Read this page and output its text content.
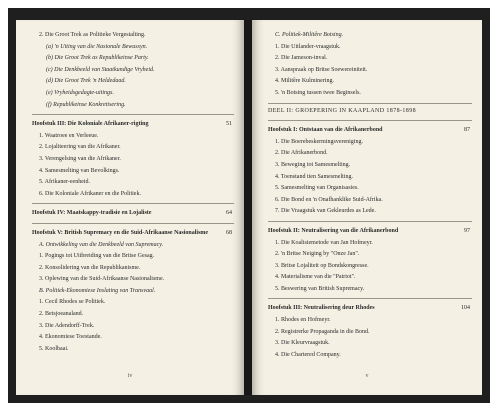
2. Die Groot Trek as Politieke Vergestalting.
(a) 'n Uiting van die Nasionale Bewussyn.
(b) Die Groot Trek as Republikeinse Party.
(c) Die Denkbeeld van Staatkundige Vryheid.
(d) Die Groot Trek 'n Heldedaad.
(e) Vryheidsgedagte-uitings.
(f) Republikeinse Konkretisering.
Hoofstuk III: Die Koloniale Afrikaner-rigting	51
1. Waatroee en Verleeue.
2. Lojaliteering van die Afrikaner.
3. Verengelsing van die Afrikaner.
4. Samesmelting van Bevolkings.
5. Afrikaner-eenheid.
6. Die Koloniale Afrikaner en die Politiek.
Hoofstuk IV: Maatskappy-tradisie en Lojaliste	64
Hoofstuk V: British Supremacy en die Suid-Afrikaanse Nasionalisme	68
A. Ontwikkeling van die Denkbeeld van Supremacy.
1. Pogings tot Uitbreiding van die Britse Gesag.
2. Konsolidering van die Republikanisme.
3. Oplewing van die Suid-Afrikaanse Nasionalisme.
B. Politiek-Ekonomiese Inslating van Transvaal.
1. Cecil Rhodes se Politiek.
2. Betsjoeanaland.
3. Die Adendorff-Trek.
4. Ekonomiese Toestande.
5. Koolbaai.
iv
C. Politiek-Militêre Botsing.
1. Die Uitlander-vraagstuk.
2. Die Jameson-inval.
3. Aanspraak op Britse Soewereiniteit.
4. Militêre Kulminering.
5. 'n Botsing tussen twee Beginsels.
DEEL II: GROEPERING IN KAAPLAND 1878-1898
Hoofstuk I: Ontstaan van die Afrikanerbond	87
1. Die Boerebeskermingsvereniging.
2. Die Afrikanerbond.
3. Beweging tot Samesmelting.
4. Toenstand tien Samesmelting.
5. Samesmelting van Organisasies.
6. Die Bond en 'n Onafhanklike Suid-Afrika.
7. Die Vraagstuk van Gekleurdes as Lede.
Hoofstuk II: Neutralisering van die Afrikanerbond	97
1. Die Koalisiemetode van Jan Hofmeyr.
2. 'n Britse Neiging by "Onze Jan".
3. Britse Lojaliteit op Bondskongresse.
4. Materialisme van die "Patriot".
5. Beswering van British Supremacy.
Hoofstuk III: Neutralisering deur Rhodes	104
1. Rhodes en Hofmeyr.
2. Registrerke Propaganda in die Bond.
3. Die Kleurvraagstuk.
4. Die Chartered Company.
v
